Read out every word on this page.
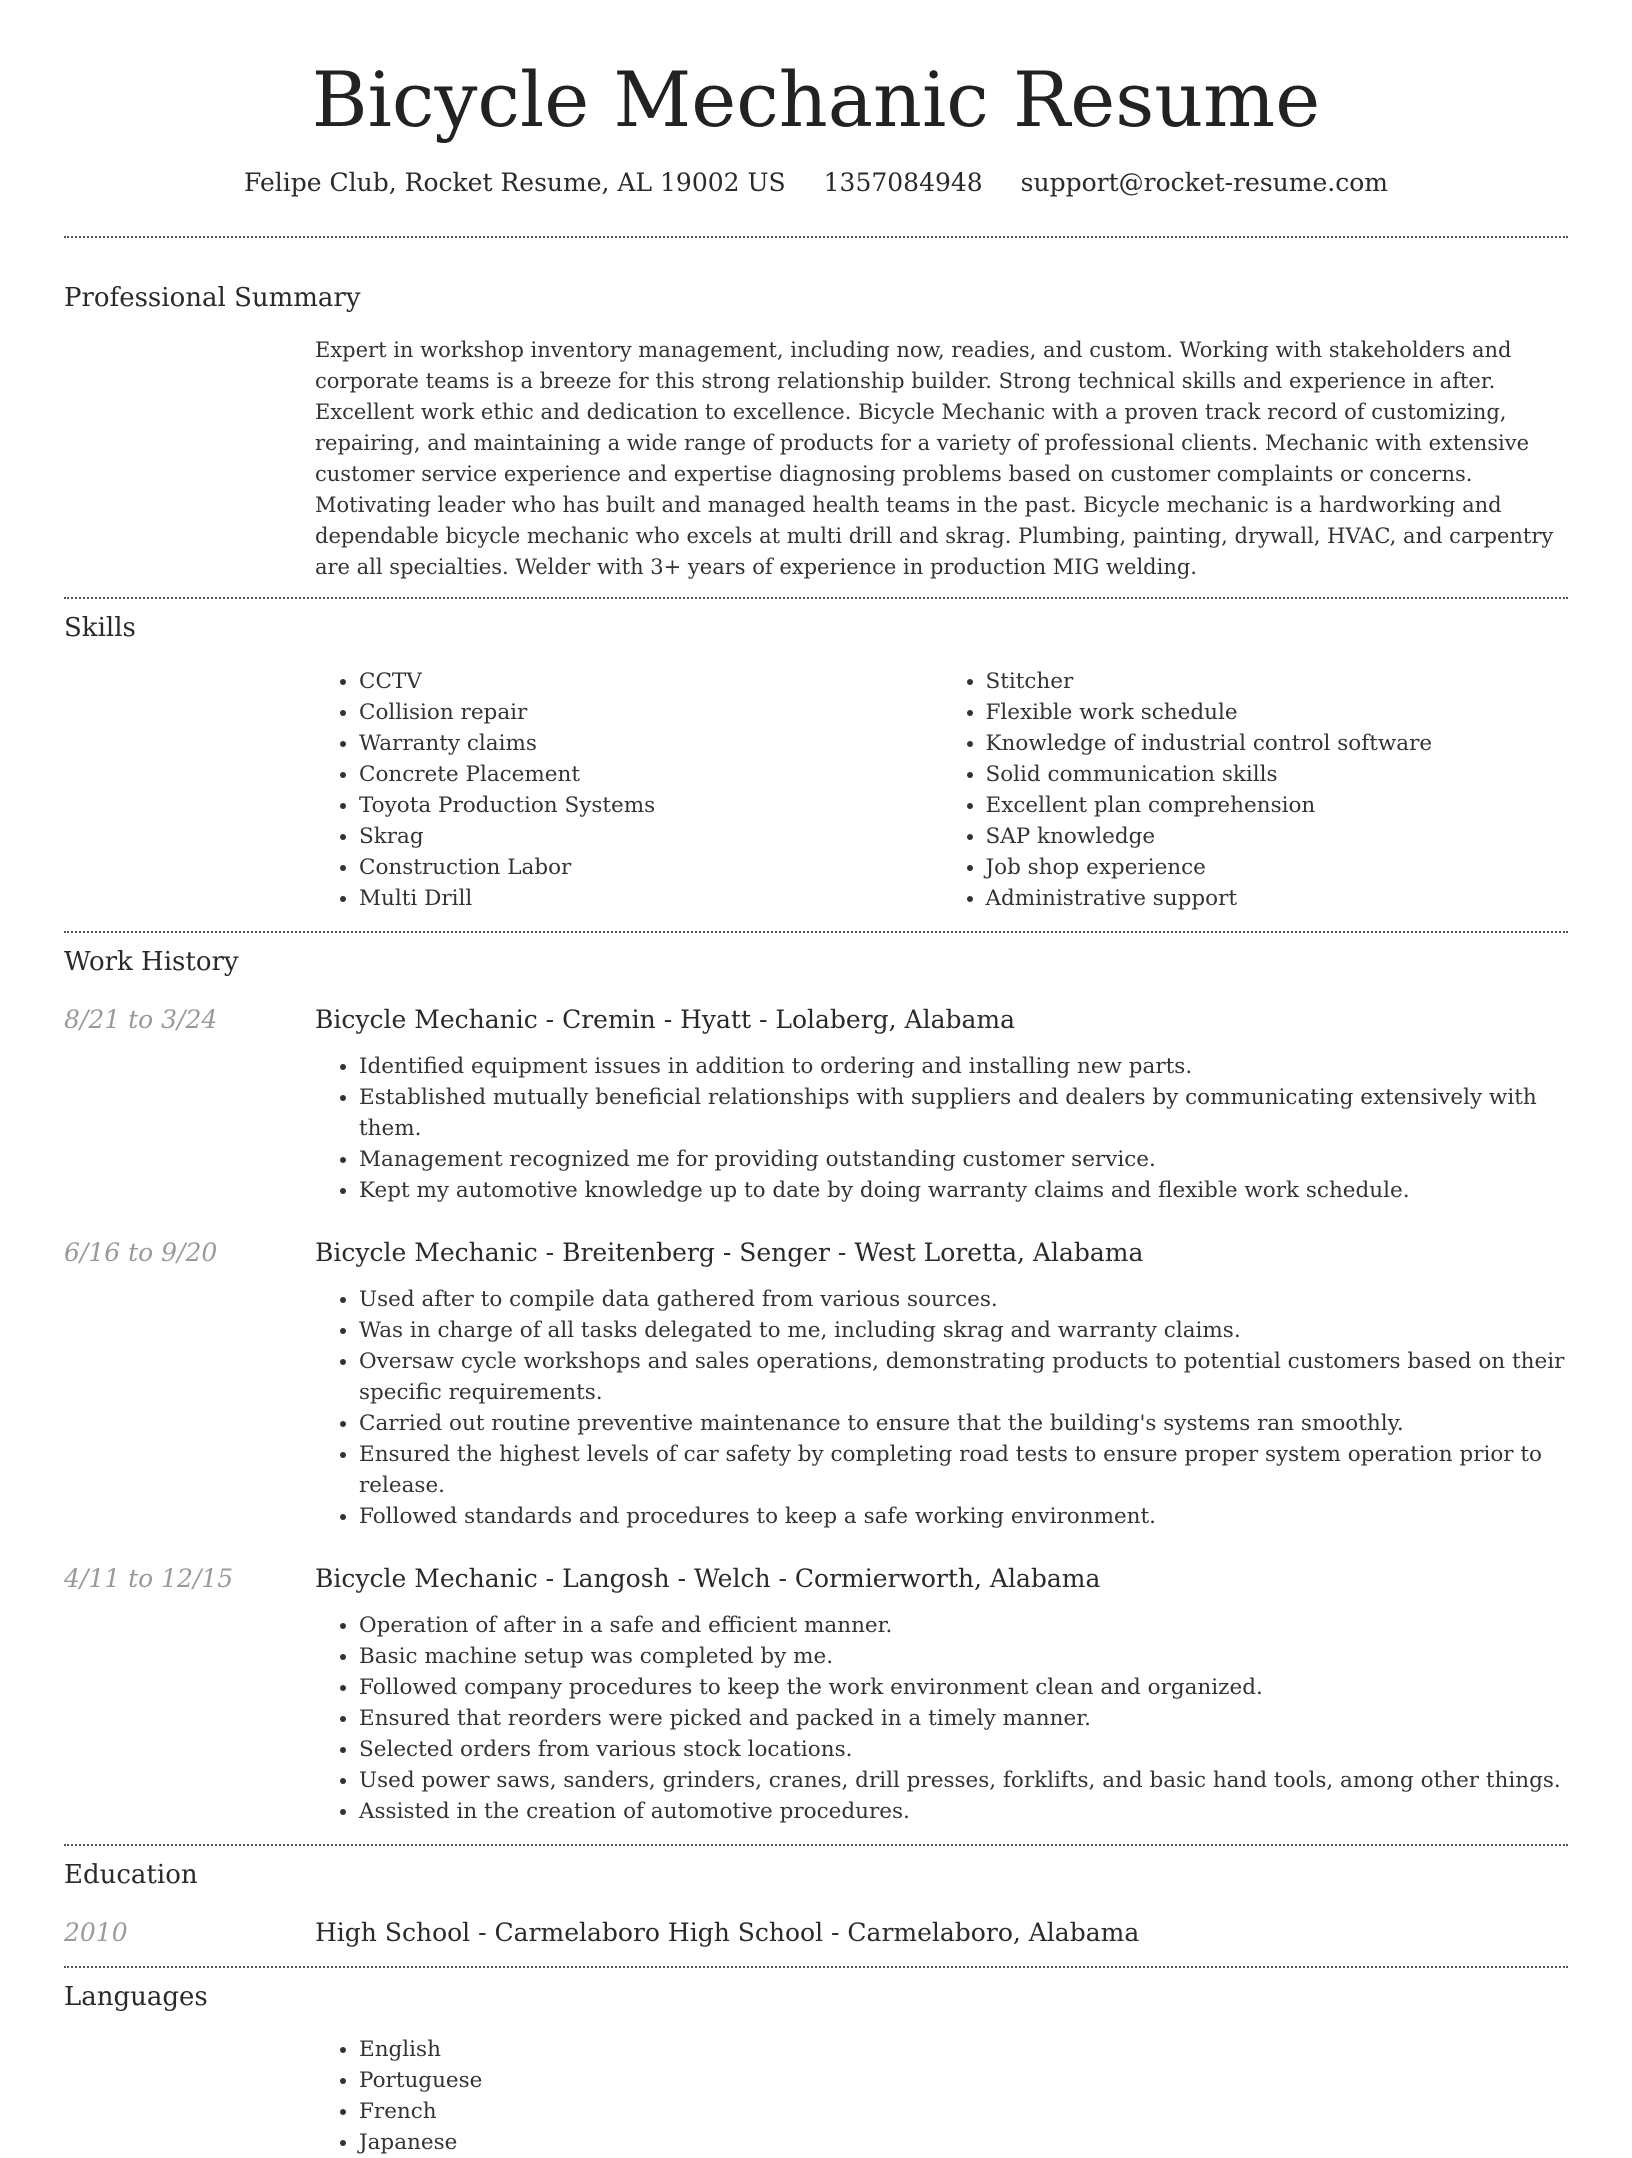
Bicycle Mechanic Resume
Felipe Club, Rocket Resume, AL 19002 US 1357084948 support@rocket-resume.com
Professional Summary

Expert in workshop inventory management, including now, readies, and custom. Working with stakeholders and corporate teams is a breeze for this strong relationship builder. Strong technical skills and experience in after. Excellent work ethic and dedication to excellence. Bicycle Mechanic with a proven track record of customizing, repairing, and maintaining a wide range of products for a variety of professional clients. Mechanic with extensive customer service experience and expertise diagnosing problems based on customer complaints or concerns. Motivating leader who has built and managed health teams in the past. Bicycle mechanic is a hardworking and dependable bicycle mechanic who excels at multi drill and skrag. Plumbing, painting, drywall, HVAC, and carpentry are all specialties. Welder with 3+ years of experience in production MIG welding.

Skills
• CCTV
• Collision repair
• Warranty claims
• Concrete Placement
• Toyota Production Systems
• Skrag
• Construction Labor
• Multi Drill
• Stitcher
• Flexible work schedule
• Knowledge of industrial control software
• Solid communication skills
• Excellent plan comprehension
• SAP knowledge
• Job shop experience
• Administrative support
Work History
8/21 to 3/24	Bicycle Mechanic - Cremin - Hyatt - Lolaberg, Alabama
• Identified equipment issues in addition to ordering and installing new parts.
• Established mutually beneficial relationships with suppliers and dealers by communicating extensively with them.
• Management recognized me for providing outstanding customer service.
• Kept my automotive knowledge up to date by doing warranty claims and flexible work schedule.
6/16 to 9/20	Bicycle Mechanic - Breitenberg - Senger - West Loretta, Alabama
• Used after to compile data gathered from various sources.
• Was in charge of all tasks delegated to me, including skrag and warranty claims.
• Oversaw cycle workshops and sales operations, demonstrating products to potential customers based on their specific requirements.
• Carried out routine preventive maintenance to ensure that the building's systems ran smoothly.
• Ensured the highest levels of car safety by completing road tests to ensure proper system operation prior to release.
• Followed standards and procedures to keep a safe working environment.
4/11 to 12/15	Bicycle Mechanic - Langosh - Welch - Cormierworth, Alabama
• Operation of after in a safe and efficient manner.
• Basic machine setup was completed by me.
• Followed company procedures to keep the work environment clean and organized.
• Ensured that reorders were picked and packed in a timely manner.
• Selected orders from various stock locations.
• Used power saws, sanders, grinders, cranes, drill presses, forklifts, and basic hand tools, among other things.
• Assisted in the creation of automotive procedures.
Education
2010	High School - Carmelaboro High School - Carmelaboro, Alabama
Languages
• English
• Portuguese
• French
• Japanese
